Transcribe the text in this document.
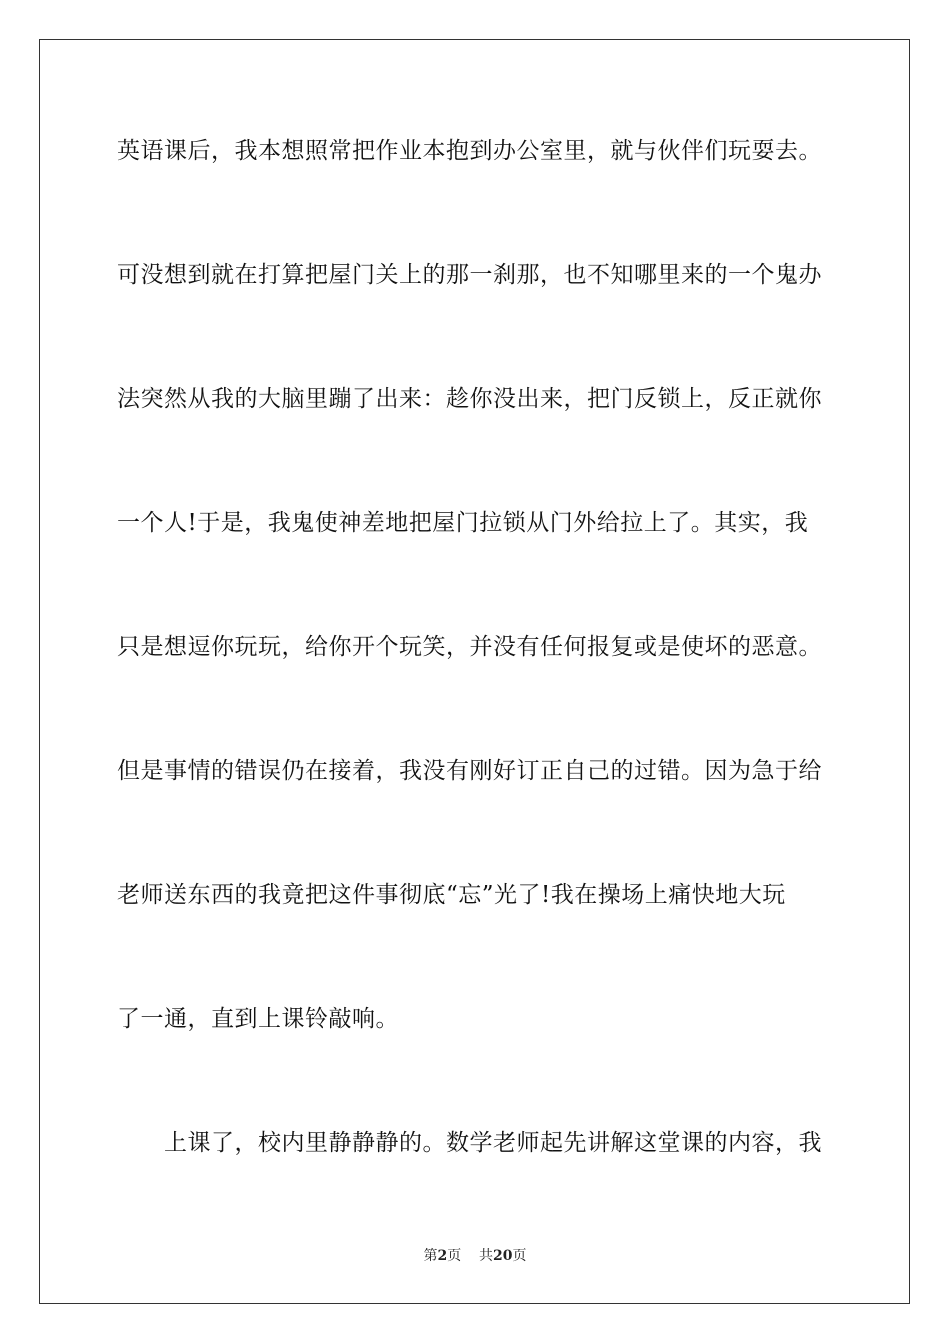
英语课后，我本想照常把作业本抱到办公室里，就与伙伴们玩耍去。
可没想到就在打算把屋门关上的那一刹那，也不知哪里来的一个鬼办
法突然从我的大脑里蹦了出来：趁你没出来，把门反锁上，反正就你
一个人!于是，我鬼使神差地把屋门拉锁从门外给拉上了。其实，我
只是想逗你玩玩，给你开个玩笑，并没有任何报复或是使坏的恶意。
但是事情的错误仍在接着，我没有刚好订正自己的过错。因为急于给
老师送东西的我竟把这件事彻底“忘”光了!我在操场上痛快地大玩
了一通，直到上课铃敲响。
上课了，校内里静静静的。数学老师起先讲解这堂课的内容，我
第2页 共20页
